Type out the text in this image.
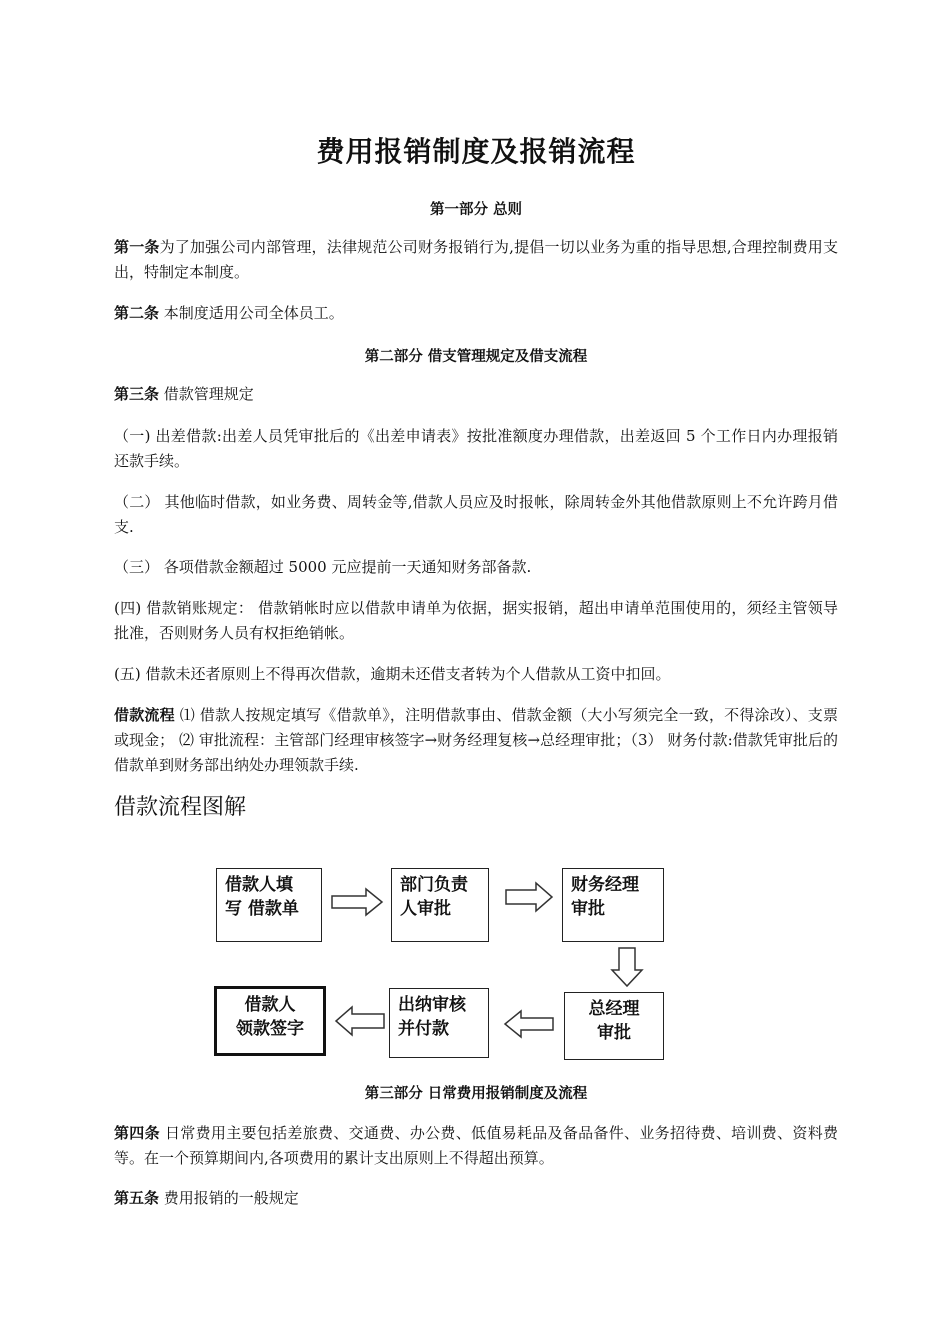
费用报销制度及报销流程
第一部分 总则
第一条为了加强公司内部管理，法律规范公司财务报销行为,提倡一切以业务为重的指导思想,合理控制费用支出，特制定本制度。
第二条 本制度适用公司全体员工。
第二部分 借支管理规定及借支流程
第三条 借款管理规定
（一) 出差借款:出差人员凭审批后的《出差申请表》按批准额度办理借款，出差返回 5 个工作日内办理报销还款手续。
（二） 其他临时借款，如业务费、周转金等,借款人员应及时报帐，除周转金外其他借款原则上不允许跨月借支.
（三） 各项借款金额超过 5000 元应提前一天通知财务部备款.
(四) 借款销账规定： 借款销帐时应以借款申请单为依据，据实报销，超出申请单范围使用的，须经主管领导批准，否则财务人员有权拒绝销帐。
(五) 借款未还者原则上不得再次借款，逾期未还借支者转为个人借款从工资中扣回。
借款流程 ⑴ 借款人按规定填写《借款单》，注明借款事由、借款金额（大小写须完全一致，不得涂改）、支票或现金； ⑵ 审批流程：主管部门经理审核签字→财务经理复核→总经理审批；（3） 财务付款:借款凭审批后的借款单到财务部出纳处办理领款手续.
借款流程图解
借款人填
写 借款单
部门负责
人审批
财务经理
审批
总经理
审批
出纳审核
并付款
借款人
领款签字
第三部分 日常费用报销制度及流程
第四条 日常费用主要包括差旅费、交通费、办公费、低值易耗品及备品备件、业务招待费、培训费、资料费等。在一个预算期间内,各项费用的累计支出原则上不得超出预算。
第五条 费用报销的一般规定
